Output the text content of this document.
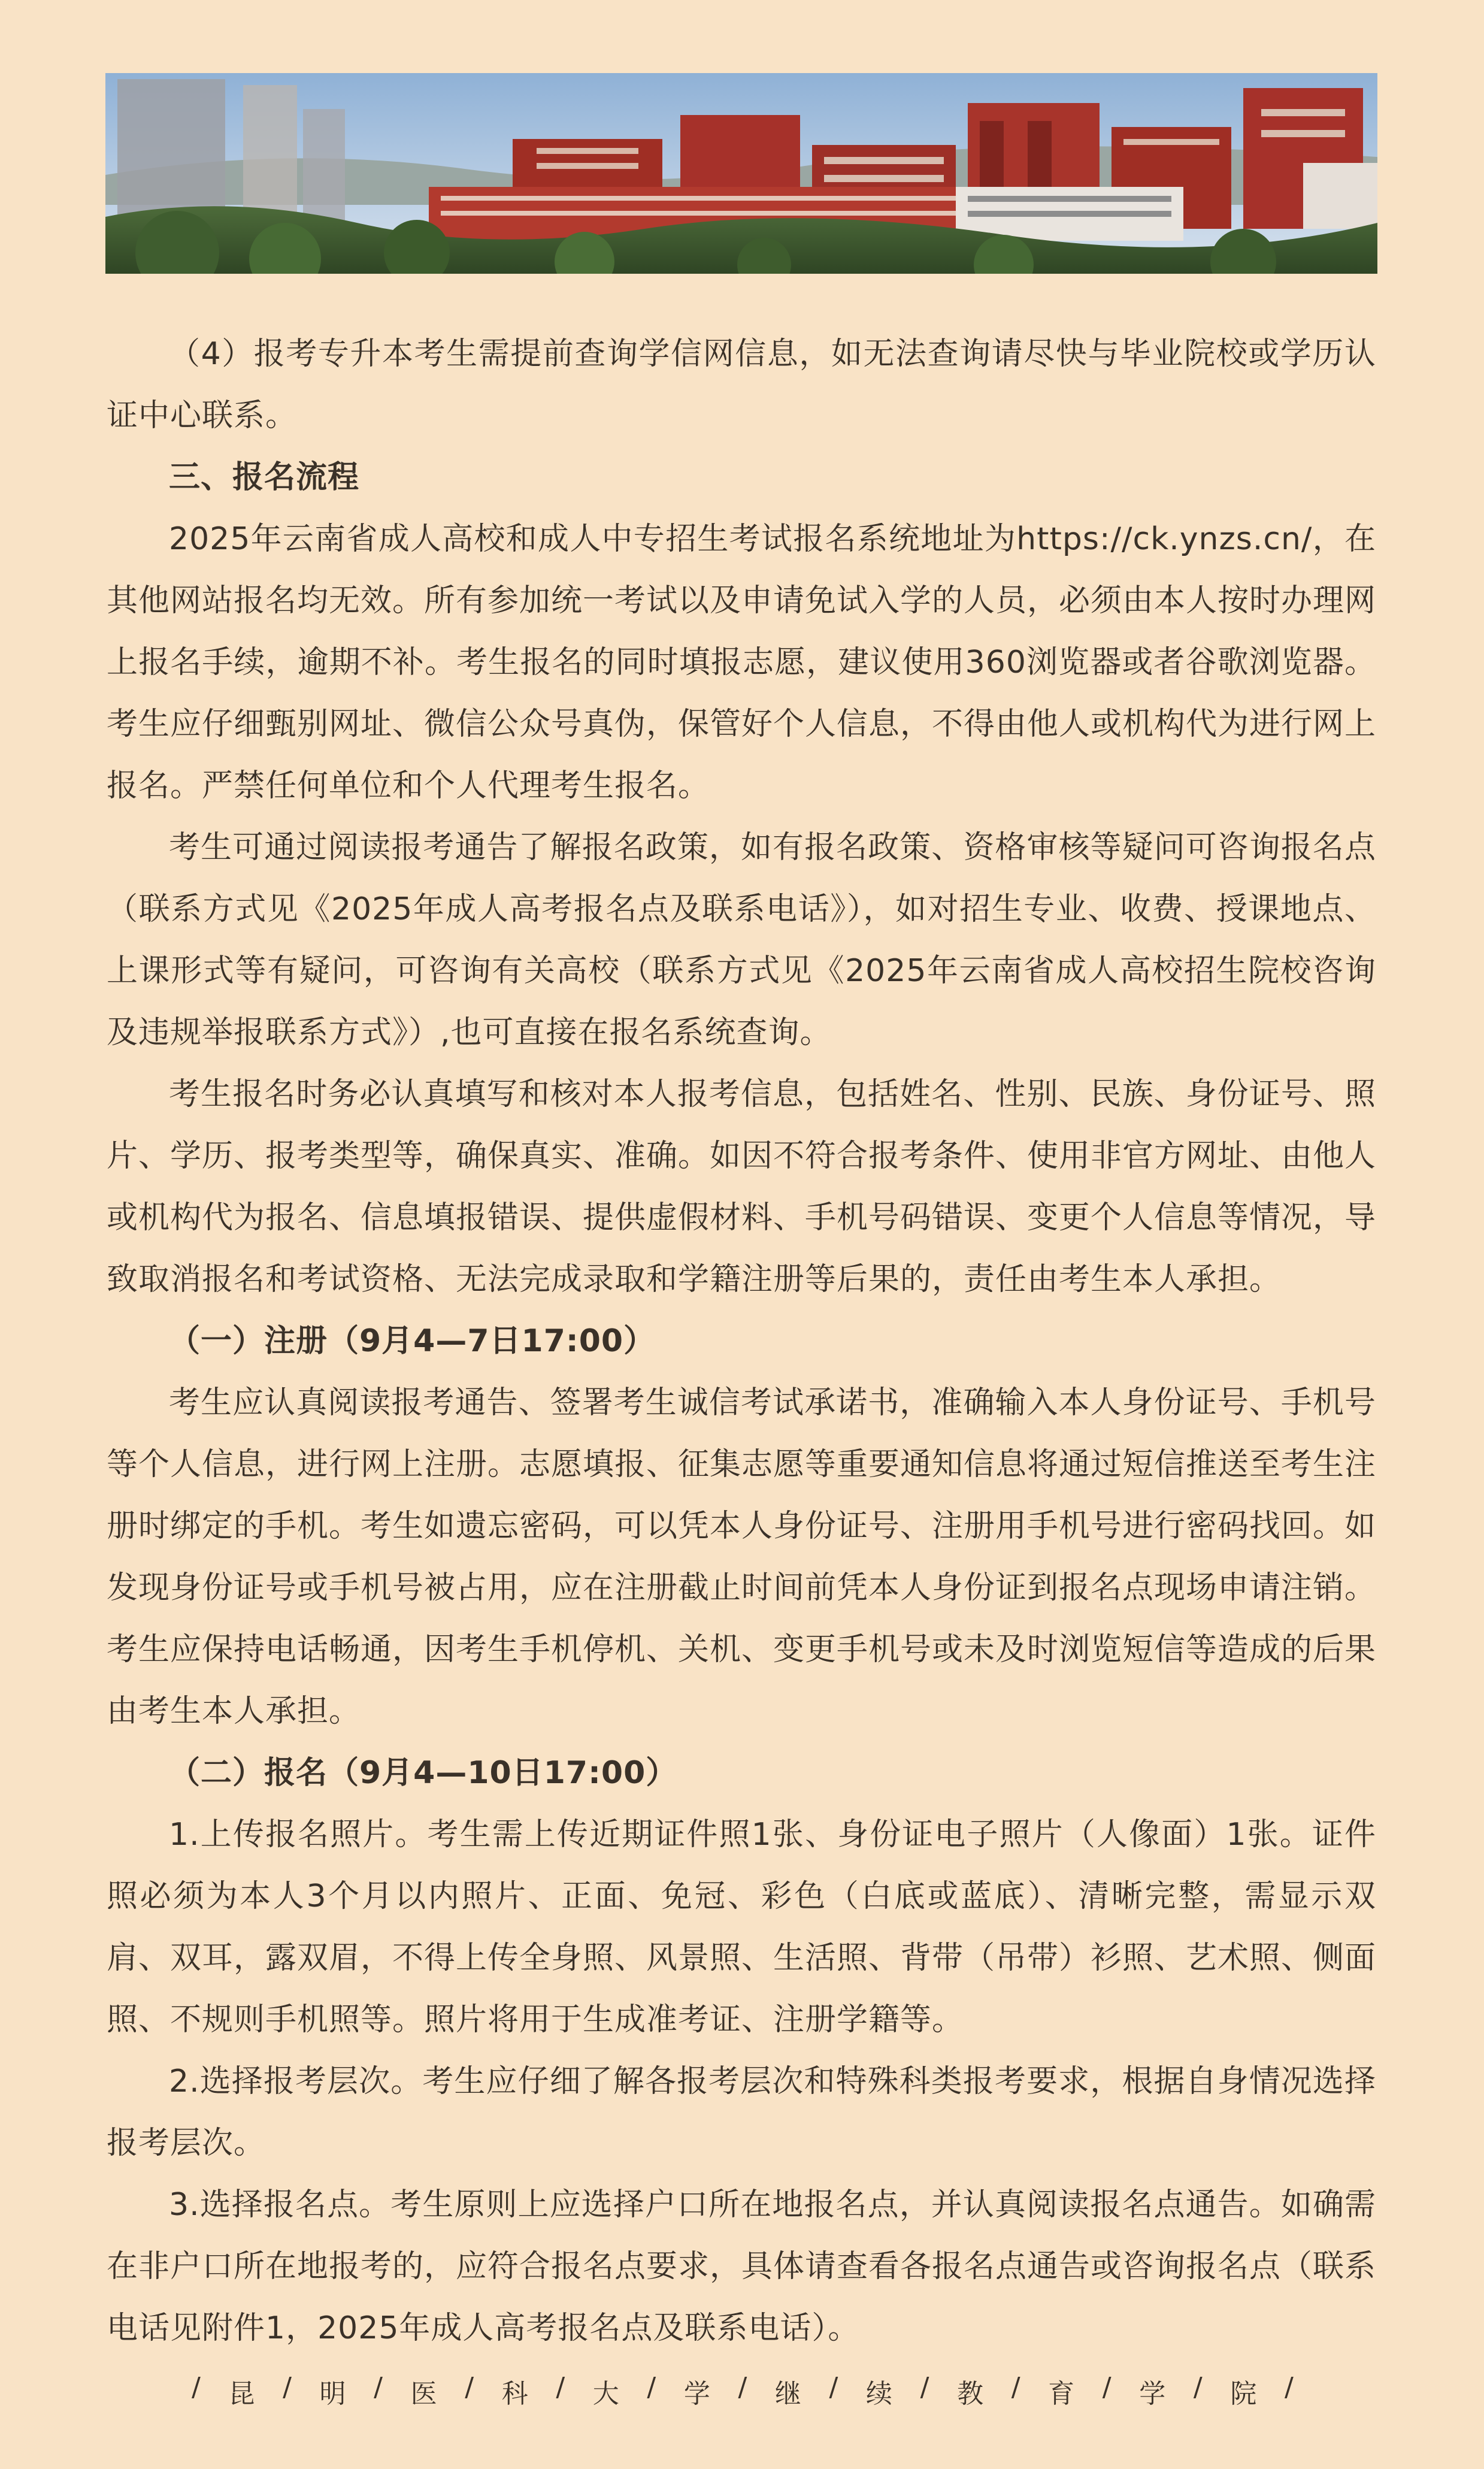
（4）报考专升本考生需提前查询学信网信息，如无法查询请尽快与毕业院校或学历认证中心联系。

三、报名流程

2025年云南省成人高校和成人中专招生考试报名系统地址为https://ck.ynzs.cn/，在其他网站报名均无效。所有参加统一考试以及申请免试入学的人员，必须由本人按时办理网上报名手续，逾期不补。考生报名的同时填报志愿，建议使用360浏览器或者谷歌浏览器。考生应仔细甄别网址、微信公众号真伪，保管好个人信息，不得由他人或机构代为进行网上报名。严禁任何单位和个人代理考生报名。

考生可通过阅读报考通告了解报名政策，如有报名政策、资格审核等疑问可咨询报名点（联系方式见《2025年成人高考报名点及联系电话》），如对招生专业、收费、授课地点、上课形式等有疑问，可咨询有关高校（联系方式见《2025年云南省成人高校招生院校咨询及违规举报联系方式》）,也可直接在报名系统查询。

考生报名时务必认真填写和核对本人报考信息，包括姓名、性别、民族、身份证号、照片、学历、报考类型等，确保真实、准确。如因不符合报考条件、使用非官方网址、由他人或机构代为报名、信息填报错误、提供虚假材料、手机号码错误、变更个人信息等情况，导致取消报名和考试资格、无法完成录取和学籍注册等后果的，责任由考生本人承担。

（一）注册（9月4—7日17:00）

考生应认真阅读报考通告、签署考生诚信考试承诺书，准确输入本人身份证号、手机号等个人信息，进行网上注册。志愿填报、征集志愿等重要通知信息将通过短信推送至考生注册时绑定的手机。考生如遗忘密码，可以凭本人身份证号、注册用手机号进行密码找回。如发现身份证号或手机号被占用，应在注册截止时间前凭本人身份证到报名点现场申请注销。考生应保持电话畅通，因考生手机停机、关机、变更手机号或未及时浏览短信等造成的后果由考生本人承担。

（二）报名（9月4—10日17:00）

1.上传报名照片。考生需上传近期证件照1张、身份证电子照片（人像面）1张。证件照必须为本人3个月以内照片、正面、免冠、彩色（白底或蓝底）、清晰完整，需显示双肩、双耳，露双眉，不得上传全身照、风景照、生活照、背带（吊带）衫照、艺术照、侧面照、不规则手机照等。照片将用于生成准考证、注册学籍等。

2.选择报考层次。考生应仔细了解各报考层次和特殊科类报考要求，根据自身情况选择报考层次。

3.选择报名点。考生原则上应选择户口所在地报名点，并认真阅读报名点通告。如确需在非户口所在地报考的，应符合报名点要求，具体请查看各报名点通告或咨询报名点（联系电话见附件1，2025年成人高考报名点及联系电话）。

/ 昆 / 明 / 医 / 科 / 大 / 学 / 继 / 续 / 教 / 育 / 学 / 院 /
